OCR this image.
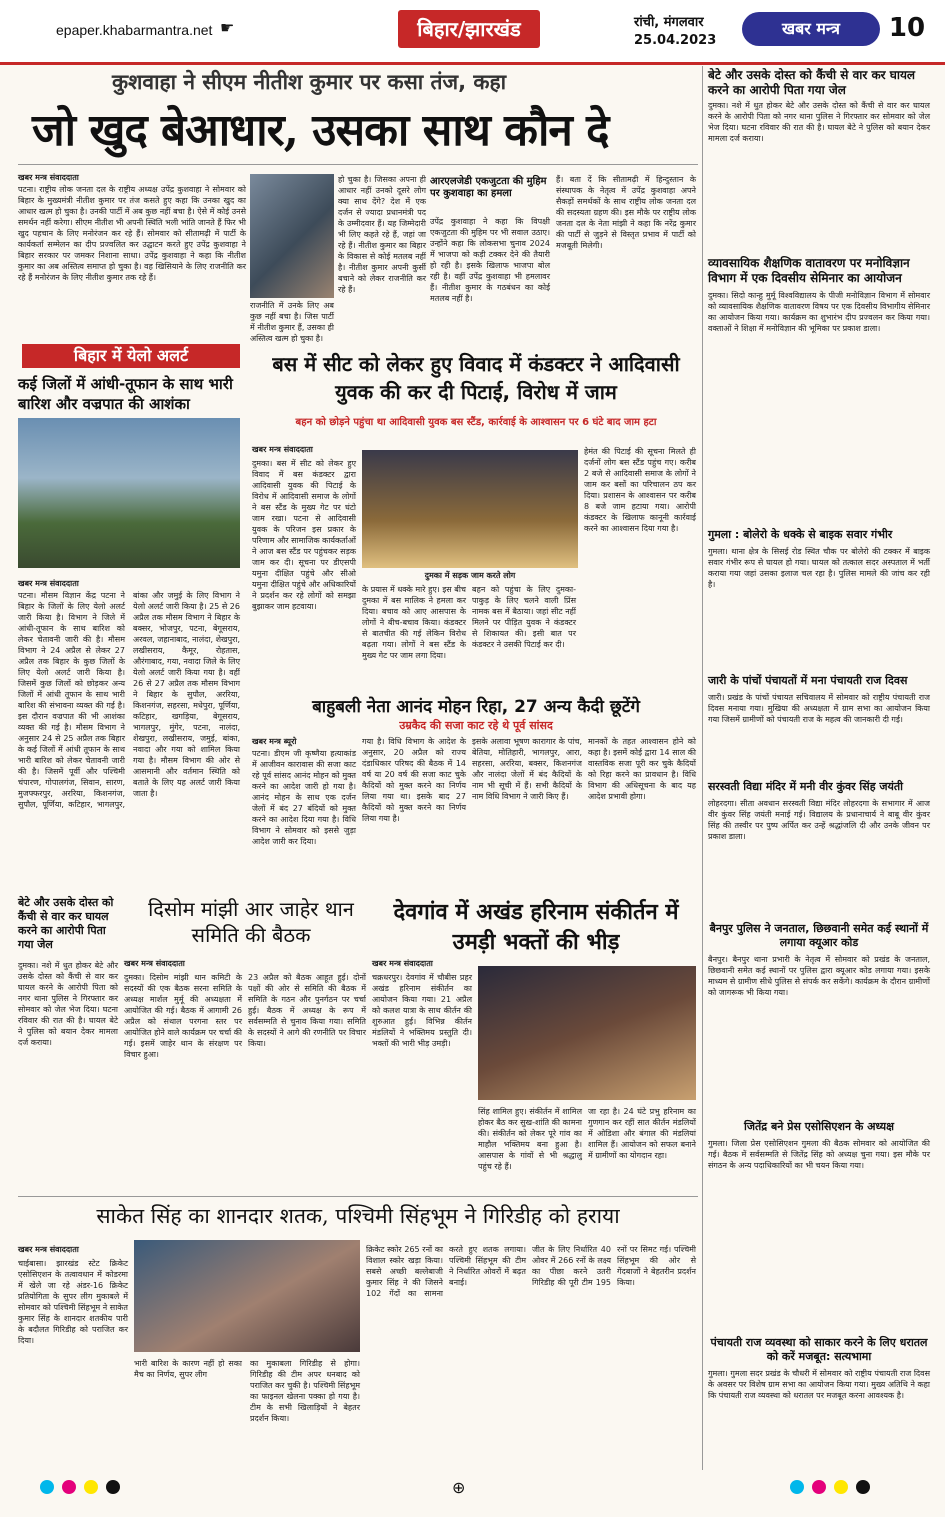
epaper.khabarmantra.net ☛	बिहार/झारखंड	रांची, मंगलवार
25.04.2023
खबर मन्त्र	10
कुशवाहा ने सीएम नीतीश कुमार पर कसा तंज, कहा
जो खुद बेआधार, उसका साथ कौन दे
खबर मन्त्र संवाददाता
पटना। राष्ट्रीय लोक जनता दल के राष्ट्रीय अध्यक्ष उपेंद्र कुशवाहा ने सोमवार को बिहार के मुख्यमंत्री नीतीश कुमार पर तंज कसते हुए कहा कि उनका खुद का आधार खत्म हो चुका है। उनकी पार्टी में अब कुछ नहीं बचा है। ऐसे में कोई उनसे समर्थन नहीं करेगा। सीएम नीतीश भी अपनी स्थिति भली भांति जानते हैं फिर भी खुद पहचान के लिए मनोरंजन कर रहे हैं। सोमवार को सीतामढ़ी में पार्टी के कार्यकर्ता सम्मेलन का दीप प्रज्वलित कर उद्घाटन करते हुए उपेंद्र कुशवाहा ने बिहार सरकार पर जमकर निशाना साधा। उपेंद्र कुशवाहा ने कहा कि नीतीश कुमार का अब अस्तित्व समाप्त हो चुका है। वह खिसियाने के लिए राजनीति कर रहे हैं मनोरंजन के लिए नीतीश कुमार तक रहे हैं।
राजनीति में उनके लिए अब कुछ नहीं बचा है। जिस पार्टी में नीतीश कुमार हैं, उसका ही अस्तित्व खत्म हो चुका है।
हो चुका है। जिसका अपना ही आधार नहीं उनको दूसरे लोग क्या साथ देंगे? देश में एक दर्जन से ज्यादा प्रधानमंत्री पद के उम्मीदवार हैं। यह जिम्मेदारी भी लिए कहते रहे हैं, जहां जा रहे हैं। नीतीश कुमार का बिहार के विकास से कोई मतलब नहीं है। नीतीश कुमार अपनी कुर्सी बचाने को लेकर राजनीति कर रहे हैं।
आरएलजेडी एकजुटता की मुहिम पर कुशवाहा का हमला
उपेंद्र कुशवाहा ने कहा कि विपक्षी एकजुटता की मुहिम पर भी सवाल उठाए। उन्होंने कहा कि लोकसभा चुनाव 2024 में भाजपा को कड़ी टक्कर देने की तैयारी हो रही है। इसके खिलाफ भाजपा बोल रही है। वहीं उपेंद्र कुशवाहा भी हमलावर हैं। नीतीश कुमार के गठबंधन का कोई मतलब नहीं है।
हैं। बता दें कि सीतामढ़ी में हिन्दुस्तान के संस्थापक के नेतृत्व में उपेंद्र कुशवाहा अपने सैकड़ों समर्थकों के साथ राष्ट्रीय लोक जनता दल की सदस्यता ग्रहण की। इस मौके पर राष्ट्रीय लोक जनता दल के नेता मांझी ने कहा कि नरेंद्र कुमार की पार्टी से जुड़ने से विस्तृत प्रभाव में पार्टी को मजबूती मिलेगी।
बिहार में येलो अलर्ट
कई जिलों में आंधी-तूफान के साथ भारी बारिश और वज्रपात की आशंका
खबर मन्त्र संवाददाता
पटना। मौसम विज्ञान केंद्र पटना ने बिहार के जिलों के लिए येलो अलर्ट जारी किया है। विभाग ने जिले में आंधी-तूफान के साथ बारिश को लेकर चेतावनी जारी की है। मौसम विभाग ने 24 अप्रैल से लेकर 27 अप्रैल तक बिहार के कुछ जिलों के लिए येलो अलर्ट जारी किया है। जिसमें कुछ जिलों को छोड़कर अन्य जिलों में आंधी तूफान के साथ भारी बारिश की संभावना व्यक्त की गई है। इस दौरान वज्रपात की भी आशंका व्यक्त की गई है। मौसम विभाग ने अनुसार 24 से 25 अप्रैल तक बिहार के कई जिलों में आंधी तूफान के साथ भारी बारिश को लेकर चेतावनी जारी की है। जिसमें पूर्वी और पश्चिमी चंपारण, गोपालगंज, सिवान, सारण, मुजफ्फरपुर, अररिया, किशनगंज, सुपौल, पूर्णिया, कटिहार, भागलपुर, बांका और जमुई के लिए विभाग ने येलो अलर्ट जारी किया है। 25 से 26 अप्रैल तक मौसम विभाग ने बिहार के बक्सर, भोजपुर, पटना, बेगूसराय, अरवल, जहानाबाद, नालंदा, शेखपुरा, लखीसराय, कैमूर, रोहतास, औरंगाबाद, गया, नवादा जिले के लिए येलो अलर्ट जारी किया गया है। वहीं 26 से 27 अप्रैल तक मौसम विभाग ने बिहार के सुपौल, अररिया, किशनगंज, सहरसा, मधेपुरा, पूर्णिया, कटिहार, खगड़िया, बेगूसराय, भागलपुर, मुंगेर, पटना, नालंदा, शेखपुरा, लखीसराय, जमुई, बांका, नवादा और गया को शामिल किया गया है। मौसम विभाग की ओर से आसमानी और वर्तमान स्थिति को बताते के लिए यह अलर्ट जारी किया जाता है।
बस में सीट को लेकर हुए विवाद में कंडक्टर ने आदिवासी युवक की कर दी पिटाई, विरोध में जाम
बहन को छोड़ने पहुंचा था आदिवासी युवक बस स्टैंड, कार्रवाई के आश्वासन पर 6 घंटे बाद जाम हटा
खबर मन्त्र संवाददाता
दुमका। बस में सीट को लेकर हुए विवाद में बस कंडक्टर द्वारा आदिवासी युवक की पिटाई के विरोध में आदिवासी समाज के लोगों ने बस स्टैंड के मुख्य गेट पर घंटो जाम रखा। पटना से आदिवासी युवक के परिजन इस प्रकार के परिणाम और सामाजिक कार्यकर्ताओं ने आज बस स्टैंड पर पहुंचकर सड़क जाम कर दी। सूचना पर डीएसपी यमुना दीक्षित पहुंचे और सीओ यमुना दीक्षित पहुंचे और अधिकारियों ने प्रदर्शन कर रहे लोगों को समझा बुझाकर जाम हटवाया।
दुमका में सड़क जाम करते लोग
के प्रयास में धक्के मारे हुए। इस बीच दुमका में बस मालिक ने हमला कर दिया। बचाव को आए आसपास के लोगों ने बीच-बचाव किया। कंडक्टर से बातचीत की गई लेकिन विरोध बढ़ता गया। लोगों ने बस स्टैंड के मुख्य गेट पर जाम लगा दिया।
बहन को पहुंचा के लिए दुमका-पाकुड़ के लिए चलने वाली प्रिंस नामक बस में बैठाया। जहां सीट नहीं मिलने पर पीड़ित युवक ने कंडक्टर से शिकायत की। इसी बात पर कंडक्टर ने उसकी पिटाई कर दी।
हेमंत की पिटाई की सूचना मिलते ही दर्जनों लोग बस स्टैंड पहुंच गए। करीब 2 बजे से आदिवासी समाज के लोगों ने जाम कर बसों का परिचालन ठप कर दिया। प्रशासन के आश्वासन पर करीब 8 बजे जाम हटाया गया। आरोपी कंडक्टर के खिलाफ कानूनी कार्रवाई करने का आश्वासन दिया गया है।
बाहुबली नेता आनंद मोहन रिहा, 27 अन्य कैदी छूटेंगे
उम्रकैद की सजा काट रहे थे पूर्व सांसद
खबर मन्त्र ब्यूरो
पटना। डीएम जी कृष्णैया हत्याकांड में आजीवन कारावास की सजा काट रहे पूर्व सांसद आनंद मोहन को मुक्त करने का आदेश जारी हो गया है। आनंद मोहन के साथ एक दर्जन जेलों में बंद 27 बंदियों को मुक्त करने का आदेश दिया गया है। विधि विभाग ने सोमवार को इससे जुड़ा आदेश जारी कर दिया।
गया है। विधि विभाग के आदेश के अनुसार, 20 अप्रैल को राज्य दंडाधिकार परिषद की बैठक में 14 वर्ष या 20 वर्ष की सजा काट चुके कैदियों को मुक्त करने का निर्णय लिया गया था। इसके बाद 27 कैदियों को मुक्त करने का निर्णय लिया गया है।
इसके अलावा भूषण कारागार के पांच, बेतिया, मोतिहारी, भागलपुर, आरा, सहरसा, अररिया, बक्सर, किशनगंज और नालंदा जेलों में बंद कैदियों के नाम भी सूची में हैं। सभी कैदियों के नाम विधि विभाग ने जारी किए हैं।
मानकों के तहत आश्वासन होने को कहा है। इसमें कोई द्वारा 14 साल की वास्तविक सजा पूरी कर चुके कैदियों को रिहा करने का प्रावधान है। विधि विभाग की अधिसूचना के बाद यह आदेश प्रभावी होगा।
बेटे और उसके दोस्त को कैंची से वार कर घायल करने का आरोपी पिता गया जेल
दुमका। नशे में धुत होकर बेटे और उसके दोस्त को कैंची से वार कर घायल करने के आरोपी पिता को नगर थाना पुलिस ने गिरफ्तार कर सोमवार को जेल भेज दिया। घटना रविवार की रात की है। घायल बेटे ने पुलिस को बयान देकर मामला दर्ज कराया।
दिसोम मांझी आर जाहेर थान समिति की बैठक
खबर मन्त्र संवाददाता
दुमका। दिसोम मांझी थान कमिटी के सदस्यों की एक बैठक सरना समिति के अध्यक्ष मार्शल मुर्मू की अध्यक्षता में आयोजित की गई। बैठक में आगामी 26 अप्रैल को संथाल परगना स्तर पर आयोजित होने वाले कार्यक्रम पर चर्चा की गई। इसमें जाहेर थान के संरक्षण पर विचार हुआ।
23 अप्रैल को बैठक आहूत हुई। दोनों पक्षों की ओर से समिति की बैठक में समिति के गठन और पुनर्गठन पर चर्चा हुई। बैठक में अध्यक्ष के रूप में सर्वसम्मति से चुनाव किया गया। समिति के सदस्यों ने आगे की रणनीति पर विचार किया।
देवगांव में अखंड हरिनाम संकीर्तन में उमड़ी भक्तों की भीड़
खबर मन्त्र संवाददाता
चक्रधरपुर। देवगांव में चौबीस प्रहर अखंड हरिनाम संकीर्तन का आयोजन किया गया। 21 अप्रैल को कलश यात्रा के साथ कीर्तन की शुरुआत हुई। विभिन्न कीर्तन मंडलियों ने भक्तिमय प्रस्तुति दी। भक्तों की भारी भीड़ उमड़ी।
सिंह शामिल हुए। संकीर्तन में शामिल होकर बैठ कर सुख-शांति की कामना की। संकीर्तन को लेकर पूरे गांव का माहौल भक्तिमय बना हुआ है। आसपास के गांवों से भी श्रद्धालु पहुंच रहे हैं।
जा रहा है। 24 घंटे प्रभु हरिनाम का गुणगान कर रहीं सात कीर्तन मंडलियों में ओडिशा और बंगाल की मंडलियां शामिल हैं। आयोजन को सफल बनाने में ग्रामीणों का योगदान रहा।
साकेत सिंह का शानदार शतक, पश्चिमी सिंहभूम ने गिरिडीह को हराया
खबर मन्त्र संवाददाता
चाईबासा। झारखंड स्टेट क्रिकेट एसोसिएशन के तत्वावधान में कोडरमा में खेले जा रहे अंडर-16 क्रिकेट प्रतियोगिता के सुपर लीग मुकाबले में सोमवार को पश्चिमी सिंहभूम ने साकेत कुमार सिंह के शानदार शतकीय पारी के बदौलत गिरिडीह को पराजित कर दिया।
भारी बारिश के कारण नहीं हो सका मैच का निर्णय, सुपर लीग
का मुकाबला गिरिडीह से होगा। गिरिडीह की टीम अपर धनबाद को पराजित कर चुकी है। पश्चिमी सिंहभूम का फाइनल खेलना पक्का हो गया है। टीम के सभी खिलाड़ियों ने बेहतर प्रदर्शन किया।
क्रिकेट स्कोर 265 रनों का विशाल स्कोर खड़ा किया। सबसे अच्छी बल्लेबाजी कुमार सिंह ने की जिसने 102 गेंदों का सामना करते हुए शतक लगाया। पश्चिमी सिंहभूम की टीम ने निर्धारित ओवरों में बढ़त बनाई।
जीत के लिए निर्धारित 40 ओवर में 266 रनों के लक्ष्य का पीछा करने उतरी गिरिडीह की पूरी टीम 195 रनों पर सिमट गई। पश्चिमी सिंहभूम की ओर से गेंदबाजों ने बेहतरीन प्रदर्शन किया।
बेटे और उसके दोस्त को कैंची से वार कर घायल करने का आरोपी पिता गया जेल
दुमका। नशे में धुत होकर बेटे और उसके दोस्त को कैंची से वार कर घायल करने के आरोपी पिता को नगर थाना पुलिस ने गिरफ्तार कर सोमवार को जेल भेज दिया। घटना रविवार की रात की है। घायल बेटे ने पुलिस को बयान देकर मामला दर्ज कराया।
व्यावसायिक शैक्षणिक वातावरण पर मनोविज्ञान विभाग में एक दिवसीय सेमिनार का आयोजन
दुमका। सिदो कान्हु मुर्मू विश्वविद्यालय के पीजी मनोविज्ञान विभाग में सोमवार को व्यावसायिक शैक्षणिक वातावरण विषय पर एक दिवसीय विभागीय सेमिनार का आयोजन किया गया। कार्यक्रम का शुभारंभ दीप प्रज्वलन कर किया गया। वक्ताओं ने शिक्षा में मनोविज्ञान की भूमिका पर प्रकाश डाला।
गुमला : बोलेरो के धक्के से बाइक सवार गंभीर
गुमला। थाना क्षेत्र के सिसई रोड स्थित चौक पर बोलेरो की टक्कर में बाइक सवार गंभीर रूप से घायल हो गया। घायल को तत्काल सदर अस्पताल में भर्ती कराया गया जहां उसका इलाज चल रहा है। पुलिस मामले की जांच कर रही है।
जारी के पांचों पंचायतों में मना पंचायती राज दिवस
जारी। प्रखंड के पांचों पंचायत सचिवालय में सोमवार को राष्ट्रीय पंचायती राज दिवस मनाया गया। मुखिया की अध्यक्षता में ग्राम सभा का आयोजन किया गया जिसमें ग्रामीणों को पंचायती राज के महत्व की जानकारी दी गई।
सरस्वती विद्या मंदिर में मनी वीर कुंवर सिंह जयंती
लोहरदगा। सीता अवधान सरस्वती विद्या मंदिर लोहरदगा के सभागार में आज वीर कुंवर सिंह जयंती मनाई गई। विद्यालय के प्रधानाचार्य ने बाबू वीर कुंवर सिंह की तस्वीर पर पुष्प अर्पित कर उन्हें श्रद्धांजलि दी और उनके जीवन पर प्रकाश डाला।
बैनपुर पुलिस ने जनताल, छिछवानी समेत कई स्थानों में लगाया क्यूआर कोड
बैनपुर। बैनपुर थाना प्रभारी के नेतृत्व में सोमवार को प्रखंड के जनताल, छिछवानी समेत कई स्थानों पर पुलिस द्वारा क्यूआर कोड लगाया गया। इसके माध्यम से ग्रामीण सीधे पुलिस से संपर्क कर सकेंगे। कार्यक्रम के दौरान ग्रामीणों को जागरूक भी किया गया।
जितेंद्र बने प्रेस एसोसिएशन के अध्यक्ष
गुमला। जिला प्रेस एसोसिएशन गुमला की बैठक सोमवार को आयोजित की गई। बैठक में सर्वसम्मति से जितेंद्र सिंह को अध्यक्ष चुना गया। इस मौके पर संगठन के अन्य पदाधिकारियों का भी चयन किया गया।
पंचायती राज व्यवस्था को साकार करने के लिए धरातल को करें मजबूत: सत्यभामा
गुमला। गुमला सदर प्रखंड के चौधरी में सोमवार को राष्ट्रीय पंचायती राज दिवस के अवसर पर विशेष ग्राम सभा का आयोजन किया गया। मुख्य अतिथि ने कहा कि पंचायती राज व्यवस्था को धरातल पर मजबूत करना आवश्यक है।
⊕
